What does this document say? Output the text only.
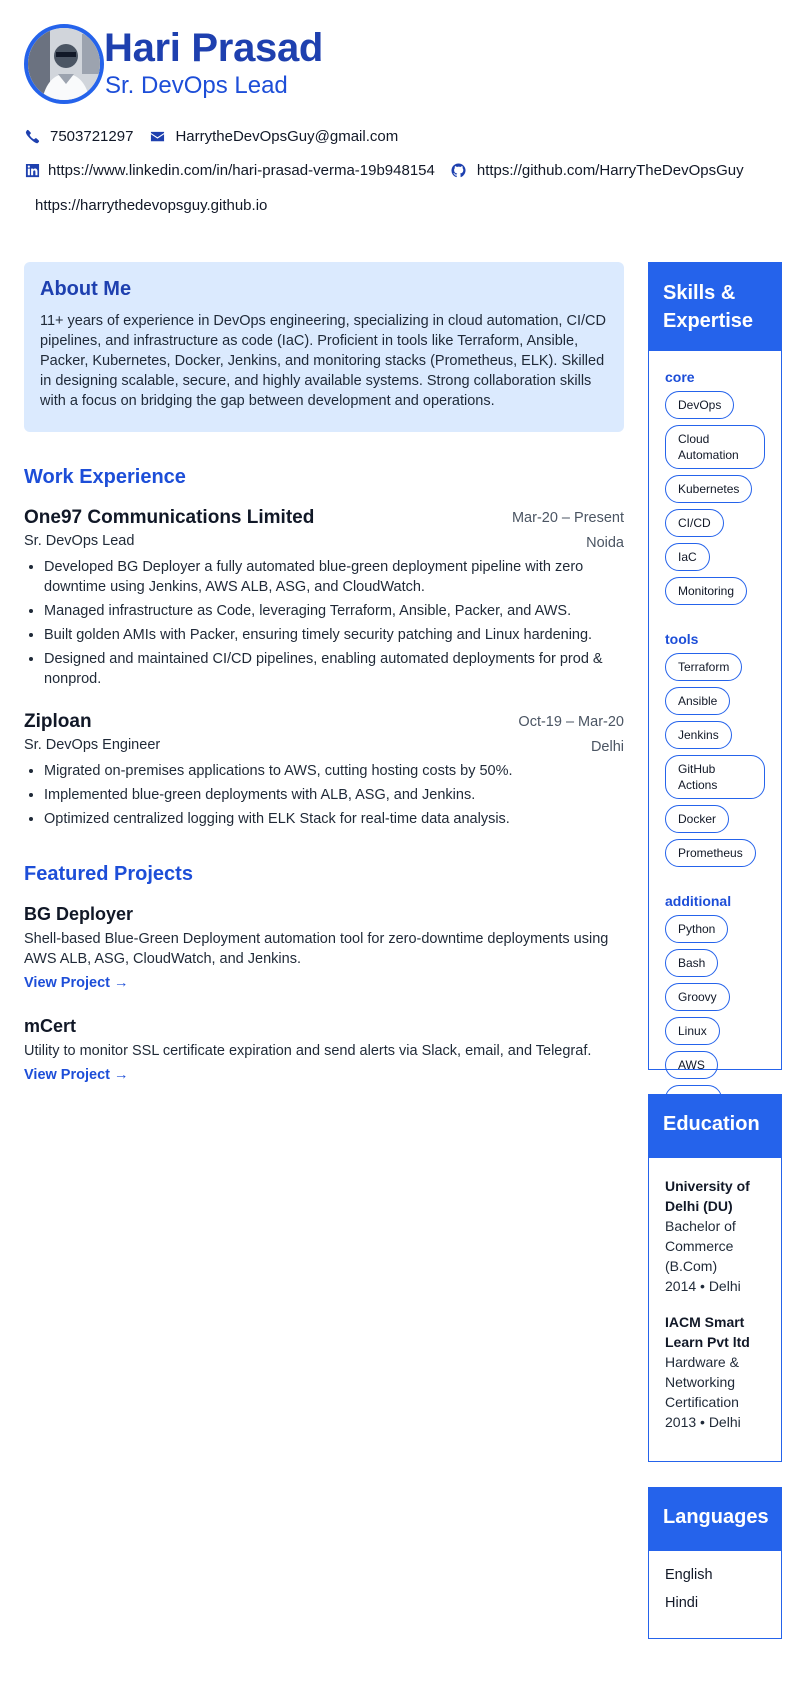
Hari Prasad
Sr. DevOps Lead
7503721297	HarrytheDevOpsGuy@gmail.com
https://www.linkedin.com/in/hari-prasad-verma-19b948154	https://github.com/HarryTheDevOpsGuy
https://harrythedevopsguy.github.io
About Me

11+ years of experience in DevOps engineering, specializing in cloud automation, CI/CD pipelines, and infrastructure as code (IaC). Proficient in tools like Terraform, Ansible, Packer, Kubernetes, Docker, Jenkins, and monitoring stacks (Prometheus, ELK). Skilled in designing scalable, secure, and highly available systems. Strong collaboration skills with a focus on bridging the gap between development and operations.

Work Experience
One97 Communications Limited	Mar-20 – Present
Sr. DevOps Lead	Noida
• Developed BG Deployer a fully automated blue-green deployment pipeline with zero downtime using Jenkins, AWS ALB, ASG, and CloudWatch.
• Managed infrastructure as Code, leveraging Terraform, Ansible, Packer, and AWS.
• Built golden AMIs with Packer, ensuring timely security patching and Linux hardening.
• Designed and maintained CI/CD pipelines, enabling automated deployments for prod & nonprod.
Ziploan	Oct-19 – Mar-20
Sr. DevOps Engineer	Delhi
• Migrated on-premises applications to AWS, cutting hosting costs by 50%.
• Implemented blue-green deployments with ALB, ASG, and Jenkins.
• Optimized centralized logging with ELK Stack for real-time data analysis.
Featured Projects
BG Deployer
Shell-based Blue-Green Deployment automation tool for zero-downtime deployments using AWS ALB, ASG, CloudWatch, and Jenkins.
View Project →
mCert
Utility to monitor SSL certificate expiration and send alerts via Slack, email, and Telegraf.
View Project →
Skills & Expertise
core
DevOps
Cloud Automation
Kubernetes
CI/CD
IaC
Monitoring
tools
Terraform
Ansible
Jenkins
GitHub Actions
Docker
Prometheus
additional
Python
Bash
Groovy
Linux
AWS
Education
University of Delhi (DU)
Bachelor of Commerce (B.Com)
2014 • Delhi
IACM Smart Learn Pvt ltd
Hardware & Networking Certification
2013 • Delhi
Languages
English
Hindi
